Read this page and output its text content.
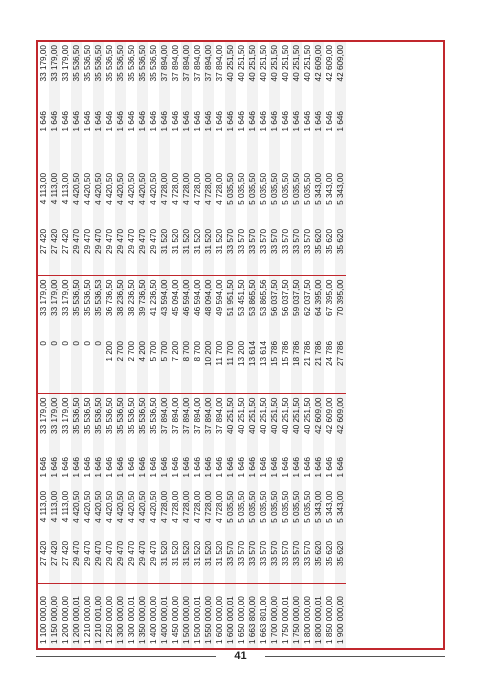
1 100 000,00	27 420	4 113,00	1 646	33 179,00	0	33 179,00	27 420	4 113,00	1 646	33 179,00
1 150 000,00	27 420	4 113,00	1 646	33 179,00	0	33 179,00	27 420	4 113,00	1 646	33 179,00
1 200 000,00	27 420	4 113,00	1 646	33 179,00	0	33 179,00	27 420	4 113,00	1 646	33 179,00
1 200 000,01	29 470	4 420,50	1 646	35 536,50	0	35 536,50	29 470	4 420,50	1 646	35 536,50
1 210 000,00	29 470	4 420,50	1 646	35 536,50	0	35 536,50	29 470	4 420,50	1 646	35 536,50
1 210 001,00	29 470	4 420,50	1 646	35 536,50	0	35 536,53	29 470	4 420,50	1 646	35 536,50
1 250 000,00	29 470	4 420,50	1 646	35 536,50	1 200	36 736,50	29 470	4 420,50	1 646	35 536,50
1 300 000,00	29 470	4 420,50	1 646	35 536,50	2 700	38 236,50	29 470	4 420,50	1 646	35 536,50
1 300 000,01	29 470	4 420,50	1 646	35 536,50	2 700	38 236,50	29 470	4 420,50	1 646	35 536,50
1 350 000,00	29 470	4 420,50	1 646	35 536,50	4 200	39 736,50	29 470	4 420,50	1 646	35 536,50
1 400 000,00	29 470	4 420,50	1 646	35 536,50	5 700	41 236,50	29 470	4 420,50	1 646	35 536,50
1 400 000,01	31 520	4 728,00	1 646	37 894,00	5 700	43 594,00	31 520	4 728,00	1 646	37 894,00
1 450 000,00	31 520	4 728,00	1 646	37 894,00	7 200	45 094,00	31 520	4 728,00	1 646	37 894,00
1 500 000,00	31 520	4 728,00	1 646	37 894,00	8 700	46 594,00	31 520	4 728,00	1 646	37 894,00
1 500 000,01	31 520	4 728,00	1 646	37 894,00	8 700	46 594,00	31 520	4 728,00	1 646	37 894,00
1 550 000,00	31 520	4 728,00	1 646	37 894,00	10 200	48 094,00	31 520	4 728,00	1 646	37 894,00
1 600 000,00	31 520	4 728,00	1 646	37 894,00	11 700	49 594,00	31 520	4 728,00	1 646	37 894,00
1 600 000,01	33 570	5 035,50	1 646	40 251,50	11 700	51 951,50	33 570	5 035,50	1 646	40 251,50
1 650 000,00	33 570	5 035,50	1 646	40 251,50	13 200	53 451,50	33 570	5 035,50	1 646	40 251,50
1 663 800,00	33 570	5 035,50	1 646	40 251,50	13 614	53 865,50	33 570	5 035,50	1 646	40 251,50
1 663 801,00	33 570	5 035,50	1 646	40 251,50	13 614	53 865,56	33 570	5 035,50	1 646	40 251,50
1 700 000,00	33 570	5 035,50	1 646	40 251,50	15 786	56 037,50	33 570	5 035,50	1 646	40 251,50
1 750 000,01	33 570	5 035,50	1 646	40 251,50	15 786	56 037,50	33 570	5 035,50	1 646	40 251,50
1 750 000,00	33 570	5 035,50	1 646	40 251,50	18 786	59 037,50	33 570	5 035,50	1 646	40 251,50
1 800 000,00	33 570	5 035,50	1 646	40 251,50	21 786	62 037,50	33 570	5 035,50	1 646	40 251,50
1 800 000,01	35 620	5 343,00	1 646	42 609,00	21 786	64 395,00	35 620	5 343,00	1 646	42 609,00
1 850 000,00	35 620	5 343,00	1 646	42 609,00	24 786	67 395,00	35 620	5 343,00	1 646	42 609,00
1 900 000,00	35 620	5 343,00	1 646	42 609,00	27 786	70 395,00	35 620	5 343,00	1 646	42 609,00
41
